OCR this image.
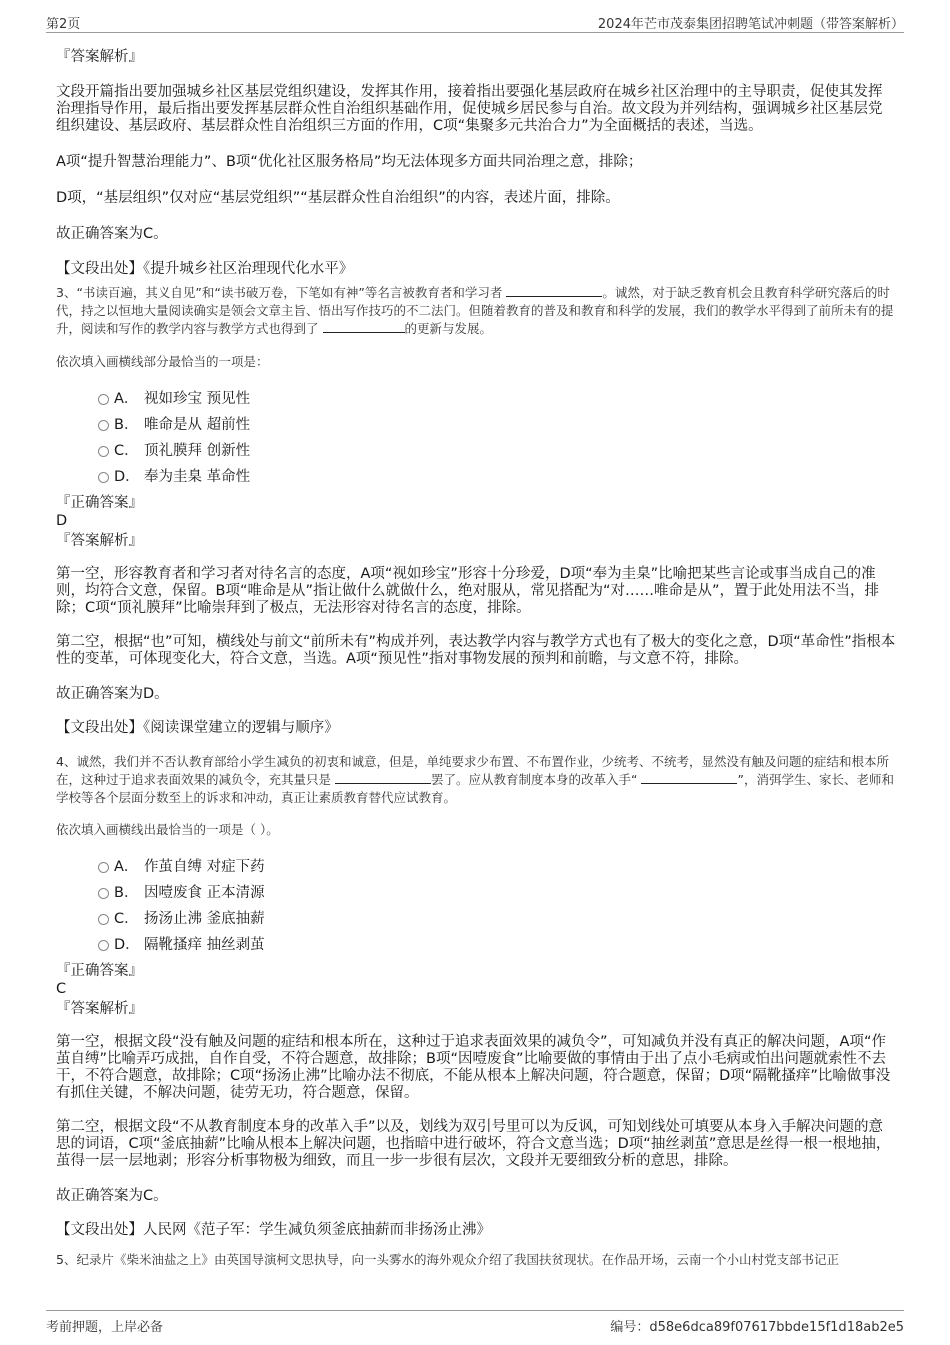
第2页	2024年芒市茂泰集团招聘笔试冲刺题（带答案解析）

『答案解析』

文段开篇指出要加强城乡社区基层党组织建设，发挥其作用，接着指出要强化基层政府在城乡社区治理中的主导职责，促使其发挥治理指导作用，最后指出要发挥基层群众性自治组织基础作用，促使城乡居民参与自治。故文段为并列结构，强调城乡社区基层党组织建设、基层政府、基层群众性自治组织三方面的作用，C项“集聚多元共治合力”为全面概括的表述，当选。

A项“提升智慧治理能力”、B项“优化社区服务格局”均无法体现多方面共同治理之意，排除；

D项，“基层组织”仅对应“基层党组织”“基层群众性自治组织”的内容，表述片面，排除。

故正确答案为C。

【文段出处】《提升城乡社区治理现代化水平》

3、“书读百遍，其义自见”和“读书破万卷，下笔如有神”等名言被教育者和学习者	。诚然，对于缺乏教育机会且教育科学研究落后的时代，持之以恒地大量阅读确实是领会文章主旨、悟出写作技巧的不二法门。但随着教育的普及和教育和科学的发展，我们的教学水平得到了前所未有的提升，阅读和写作的教学内容与教学方式也得到了	的更新与发展。

依次填入画横线部分最恰当的一项是：

A． 视如珍宝 预见性
B． 唯命是从 超前性
C． 顶礼膜拜 创新性
D． 奉为圭臬 革命性

『正确答案』

D

『答案解析』

第一空，形容教育者和学习者对待名言的态度，A项“视如珍宝”形容十分珍爱，D项“奉为圭臬”比喻把某些言论或事当成自己的准则，均符合文意，保留。B项“唯命是从”指让做什么就做什么，绝对服从，常见搭配为“对……唯命是从”，置于此处用法不当，排除；C项“顶礼膜拜”比喻崇拜到了极点，无法形容对待名言的态度，排除。

第二空，根据“也”可知，横线处与前文“前所未有”构成并列，表达教学内容与教学方式也有了极大的变化之意，D项“革命性”指根本性的变革，可体现变化大，符合文意，当选。A项“预见性”指对事物发展的预判和前瞻，与文意不符，排除。

故正确答案为D。

【文段出处】《阅读课堂建立的逻辑与顺序》

4、诚然，我们并不否认教育部给小学生减负的初衷和诚意，但是，单纯要求少布置、不布置作业，少统考、不统考，显然没有触及问题的症结和根本所在，这种过于追求表面效果的减负令，充其量只是	罢了。应从教育制度本身的改革入手“	”，消弭学生、家长、老师和学校等各个层面分数至上的诉求和冲动，真正让素质教育替代应试教育。

依次填入画横线出最恰当的一项是（ ）。

A． 作茧自缚 对症下药
B． 因噎废食 正本清源
C． 扬汤止沸 釜底抽薪
D． 隔靴搔痒 抽丝剥茧

『正确答案』

C

『答案解析』

第一空，根据文段“没有触及问题的症结和根本所在，这种过于追求表面效果的减负令”，可知减负并没有真正的解决问题，A项“作茧自缚”比喻弄巧成拙，自作自受，不符合题意，故排除；B项“因噎废食”比喻要做的事情由于出了点小毛病或怕出问题就索性不去干，不符合题意，故排除；C项“扬汤止沸”比喻办法不彻底，不能从根本上解决问题，符合题意，保留；D项“隔靴搔痒”比喻做事没有抓住关键，不解决问题，徒劳无功，符合题意，保留。

第二空，根据文段“不从教育制度本身的改革入手”以及，划线为双引号里可以为反讽，可知划线处可填要从本身入手解决问题的意思的词语，C项“釜底抽薪”比喻从根本上解决问题，也指暗中进行破坏，符合文意当选；D项“抽丝剥茧”意思是丝得一根一根地抽，茧得一层一层地剥；形容分析事物极为细致，而且一步一步很有层次，文段并无要细致分析的意思，排除。

故正确答案为C。

【文段出处】人民网《范子军：学生减负须釜底抽薪而非扬汤止沸》

5、纪录片《柴米油盐之上》由英国导演柯文思执导，向一头雾水的海外观众介绍了我国扶贫现状。在作品开场，云南一个小山村党支部书记正

考前押题，上岸必备	编号：d58e6dca89f07617bbde15f1d18ab2e5
